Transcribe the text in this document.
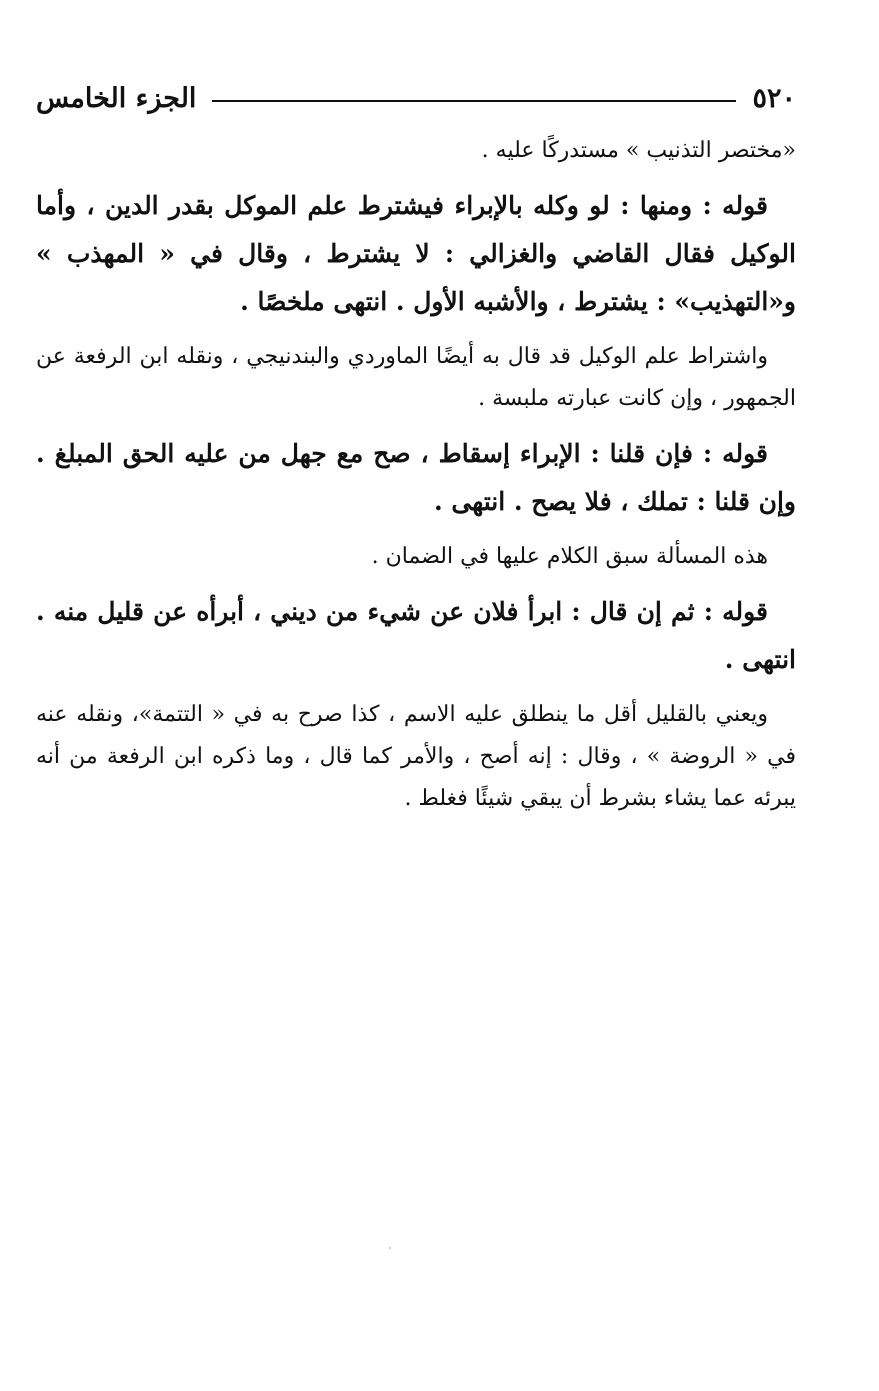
٥٢٠
الجزء الخامس

«مختصر التذنيب » مستدركًا عليه .

قوله : ومنها : لو وكله بالإبراء فيشترط علم الموكل بقدر الدين ، وأما الوكيل فقال القاضي والغزالي : لا يشترط ، وقال في « المهذب » و«التهذيب» : يشترط ، والأشبه الأول . انتهى ملخصًا .

واشتراط علم الوكيل قد قال به أيضًا الماوردي والبندنيجي ، ونقله ابن الرفعة عن الجمهور ، وإن كانت عبارته ملبسة .

قوله : فإن قلنا : الإبراء إسقاط ، صح مع جهل من عليه الحق المبلغ . وإن قلنا : تملك ، فلا يصح . انتهى .

هذه المسألة سبق الكلام عليها في الضمان .

قوله : ثم إن قال : ابرأ فلان عن شيء من ديني ، أبرأه عن قليل منه . انتهى .

ويعني بالقليل أقل ما ينطلق عليه الاسم ، كذا صرح به في « التتمة»، ونقله عنه في « الروضة » ، وقال : إنه أصح ، والأمر كما قال ، وما ذكره ابن الرفعة من أنه يبرئه عما يشاء بشرط أن يبقي شيئًا فغلط .
